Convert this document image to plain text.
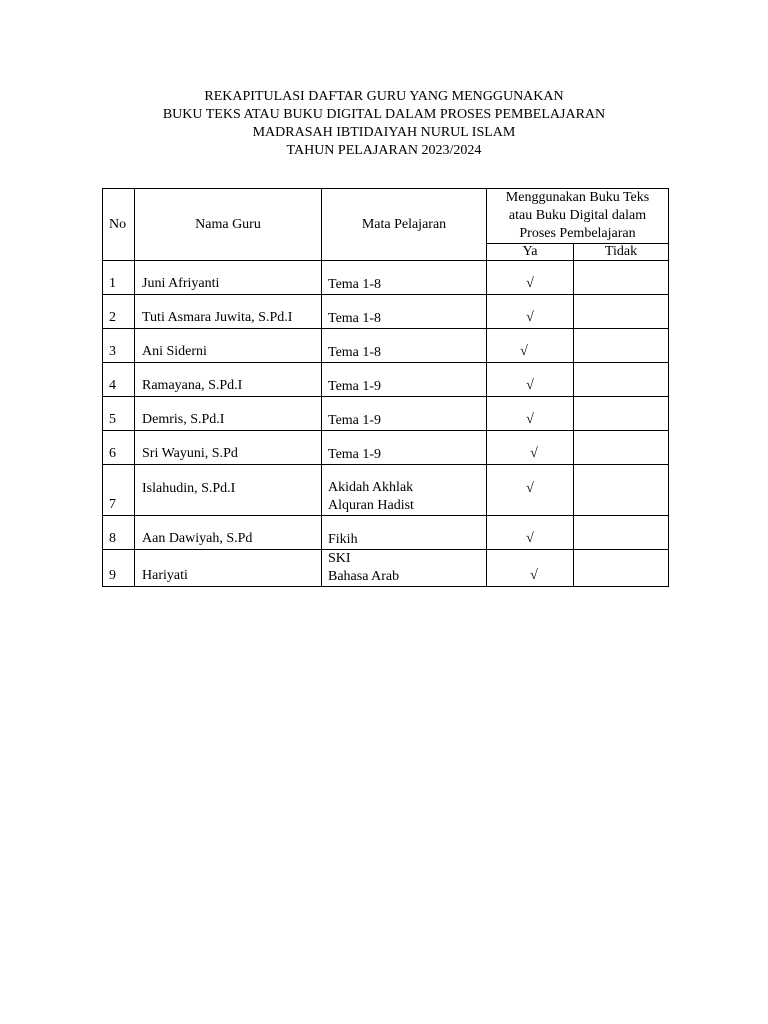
REKAPITULASI DAFTAR GURU YANG MENGGUNAKAN
BUKU TEKS ATAU BUKU DIGITAL DALAM PROSES PEMBELAJARAN
MADRASAH IBTIDAIYAH NURUL ISLAM
TAHUN PELAJARAN 2023/2024
No	Nama Guru	Mata Pelajaran	Menggunakan Buku Teks
atau Buku Digital dalam
Proses Pembelajaran	

			Ya	Tidak

1	Juni Afriyanti	Tema 1-8	√	

2	Tuti Asmara Juwita, S.Pd.I	Tema 1-8	√	

3	Ani Siderni	Tema 1-8	√	

4	Ramayana, S.Pd.I	Tema 1-9	√	

5	Demris, S.Pd.I	Tema 1-9	√	

6	Sri Wayuni, S.Pd	Tema 1-9	√	

7	Islahudin, S.Pd.I	Akidah Akhlak
Alquran Hadist	√	

8	Aan Dawiyah, S.Pd	Fikih	√	

9	Hariyati	SKI
Bahasa Arab	√	
